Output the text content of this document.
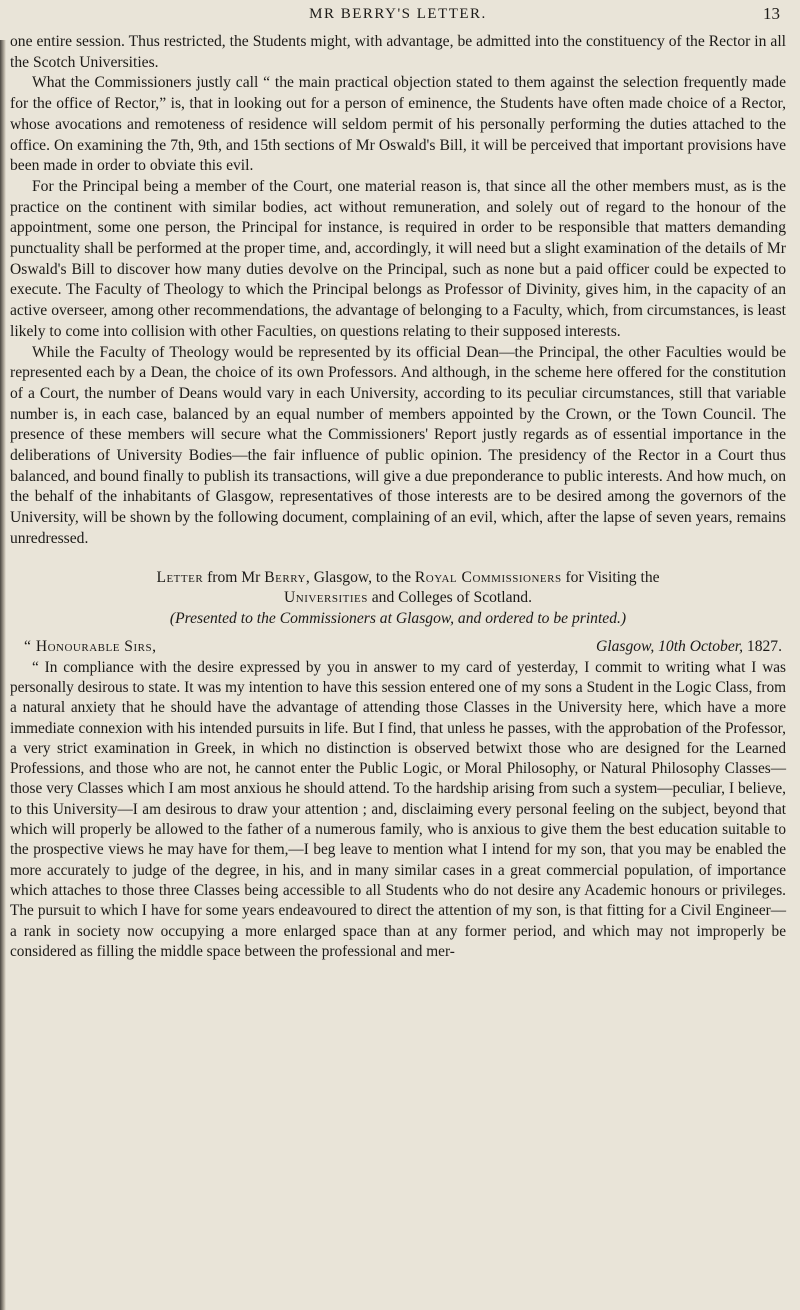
MR BERRY'S LETTER.	13

one entire session. Thus restricted, the Students might, with advantage, be admitted into the constituency of the Rector in all the Scotch Universities.

What the Commissioners justly call “ the main practical objection stated to them against the selection frequently made for the office of Rector,” is, that in looking out for a person of eminence, the Students have often made choice of a Rector, whose avocations and remoteness of residence will seldom permit of his personally performing the duties attached to the office. On examining the 7th, 9th, and 15th sections of Mr Oswald's Bill, it will be perceived that important provisions have been made in order to obviate this evil.

For the Principal being a member of the Court, one material reason is, that since all the other members must, as is the practice on the continent with similar bodies, act without remuneration, and solely out of regard to the honour of the appointment, some one person, the Principal for instance, is required in order to be responsible that matters demanding punctuality shall be performed at the proper time, and, accordingly, it will need but a slight examination of the details of Mr Oswald's Bill to discover how many duties devolve on the Principal, such as none but a paid officer could be expected to execute. The Faculty of Theology to which the Principal belongs as Professor of Divinity, gives him, in the capacity of an active overseer, among other recommendations, the advantage of belonging to a Faculty, which, from circumstances, is least likely to come into collision with other Faculties, on questions relating to their supposed interests.

While the Faculty of Theology would be represented by its official Dean—the Principal, the other Faculties would be represented each by a Dean, the choice of its own Professors. And although, in the scheme here offered for the constitution of a Court, the number of Deans would vary in each University, according to its peculiar circumstances, still that variable number is, in each case, balanced by an equal number of members appointed by the Crown, or the Town Council. The presence of these members will secure what the Commissioners' Report justly regards as of essential importance in the deliberations of University Bodies—the fair influence of public opinion. The presidency of the Rector in a Court thus balanced, and bound finally to publish its transactions, will give a due preponderance to public interests. And how much, on the behalf of the inhabitants of Glasgow, representatives of those interests are to be desired among the governors of the University, will be shown by the following document, complaining of an evil, which, after the lapse of seven years, remains unredressed.

Letter from Mr Berry, Glasgow, to the Royal Commissioners for Visiting the
Universities and Colleges of Scotland.
(Presented to the Commissioners at Glasgow, and ordered to be printed.)
“ Honourable Sirs,	Glasgow, 10th October, 1827.

“ In compliance with the desire expressed by you in answer to my card of yesterday, I commit to writing what I was personally desirous to state. It was my intention to have this session entered one of my sons a Student in the Logic Class, from a natural anxiety that he should have the advantage of attending those Classes in the University here, which have a more immediate connexion with his intended pursuits in life. But I find, that unless he passes, with the approbation of the Professor, a very strict examination in Greek, in which no distinction is observed betwixt those who are designed for the Learned Professions, and those who are not, he cannot enter the Public Logic, or Moral Philosophy, or Natural Philosophy Classes—those very Classes which I am most anxious he should attend. To the hardship arising from such a system—peculiar, I believe, to this University—I am desirous to draw your attention ; and, disclaiming every personal feeling on the subject, beyond that which will properly be allowed to the father of a numerous family, who is anxious to give them the best education suitable to the prospective views he may have for them,—I beg leave to mention what I intend for my son, that you may be enabled the more accurately to judge of the degree, in his, and in many similar cases in a great commercial population, of importance which attaches to those three Classes being accessible to all Students who do not desire any Academic honours or privileges. The pursuit to which I have for some years endeavoured to direct the attention of my son, is that fitting for a Civil Engineer—a rank in society now occupying a more enlarged space than at any former period, and which may not improperly be considered as filling the middle space between the professional and mer-
